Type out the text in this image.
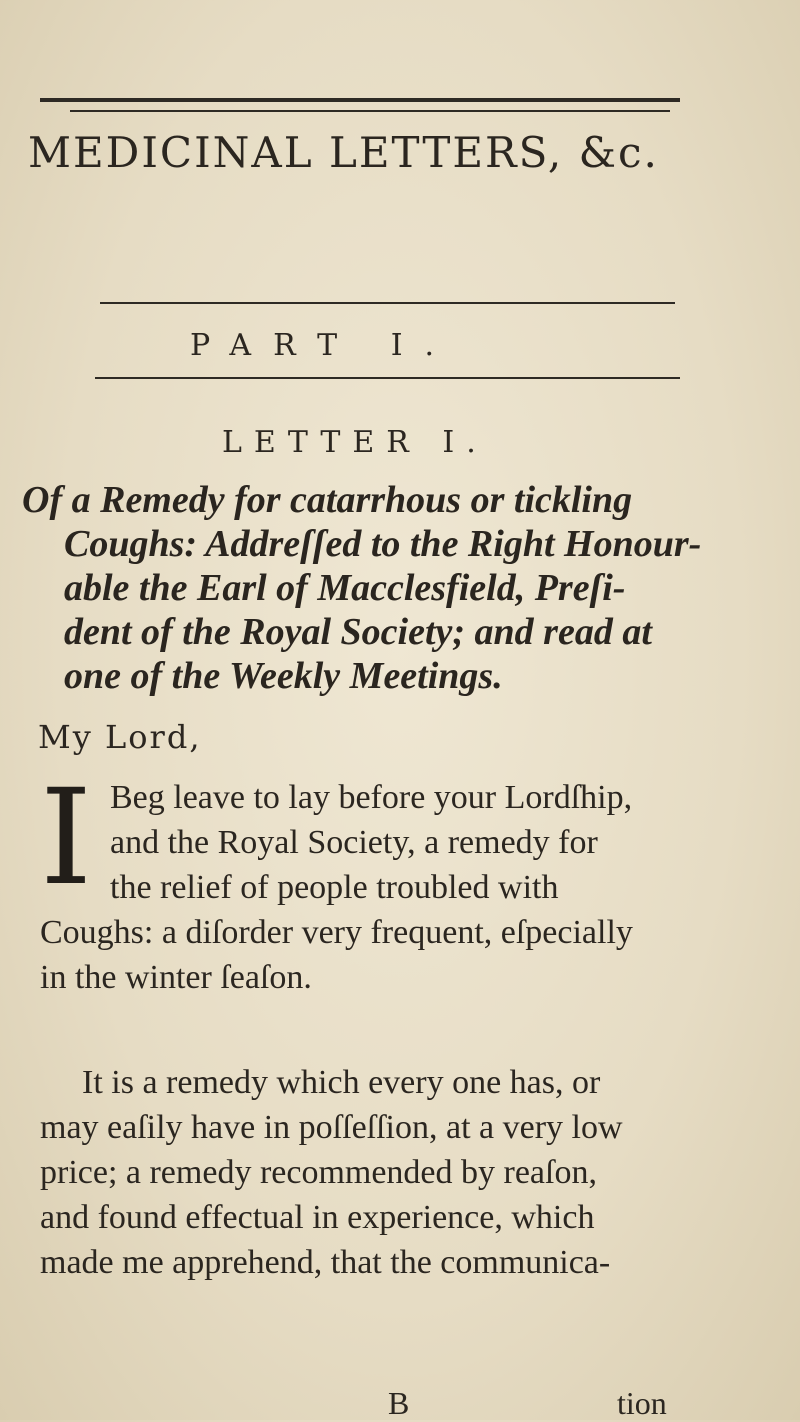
MEDICINAL LETTERS, &c.
PART I.
LETTER I.
Of a Remedy for catarrhous or tickling
Coughs: Addreſſed to the Right Honour-
able the Earl of Macclesfield, Preſi-
dent of the Royal Society; and read at
one of the Weekly Meetings.
My Lord,
I Beg leave to lay before your Lordſhip,
and the Royal Society, a remedy for
the relief of people troubled with
Coughs: a diſorder very frequent, eſpecially
in the winter ſeaſon.
It is a remedy which every one has, or
may eaſily have in poſſeſſion, at a very low
price; a remedy recommended by reaſon,
and found effectual in experience, which
made me apprehend, that the communica-
B	tion
